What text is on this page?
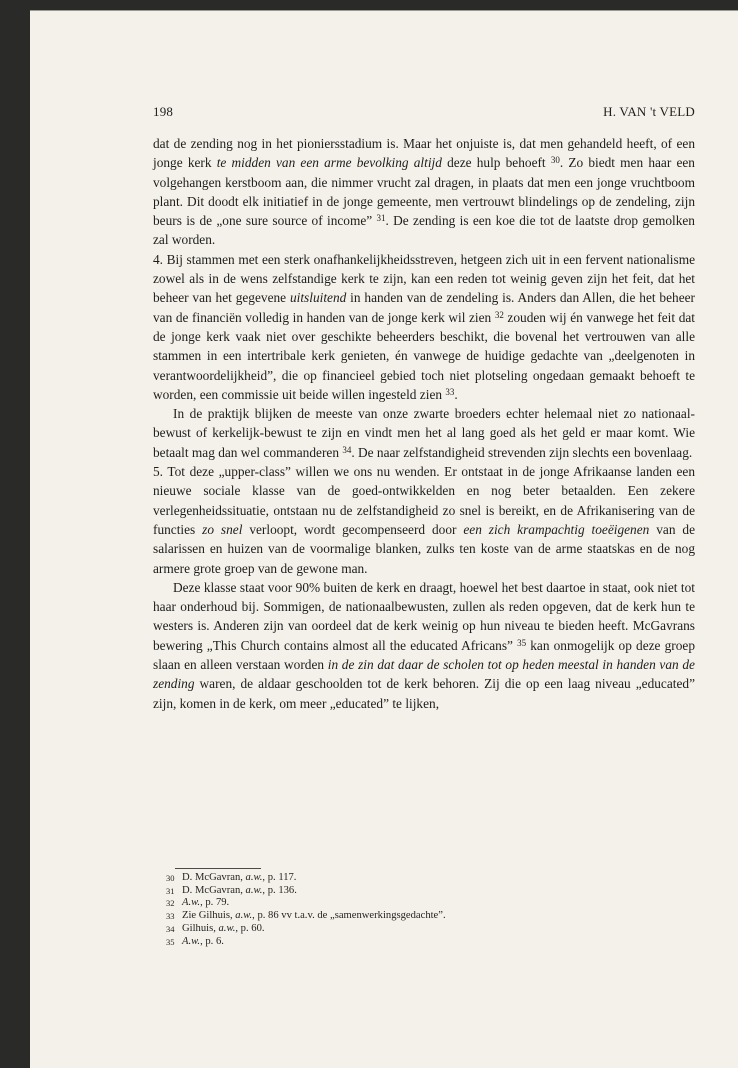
198	H. VAN 't VELD

dat de zending nog in het pioniersstadium is. Maar het onjuiste is, dat men gehandeld heeft, of een jonge kerk te midden van een arme bevolking altijd deze hulp behoeft $^{30}$. Zo biedt men haar een volgehangen kerstboom aan, die nimmer vrucht zal dragen, in plaats dat men een jonge vruchtboom plant. Dit doodt elk initiatief in de jonge gemeente, men vertrouwt blindelings op de zendeling, zijn beurs is de „one sure source of income” $^{31}$. De zending is een koe die tot de laatste drop gemolken zal worden.

4. Bij stammen met een sterk onafhankelijkheidsstreven, hetgeen zich uit in een fervent nationalisme zowel als in de wens zelfstandige kerk te zijn, kan een reden tot weinig geven zijn het feit, dat het beheer van het gegevene uitsluitend in handen van de zendeling is. Anders dan Allen, die het beheer van de financiën volledig in handen van de jonge kerk wil zien $^{32}$ zouden wij én vanwege het feit dat de jonge kerk vaak niet over geschikte beheerders beschikt, die bovenal het vertrouwen van alle stammen in een intertribale kerk genieten, én vanwege de huidige gedachte van „deelgenoten in verantwoordelijkheid”, die op financieel gebied toch niet plotseling ongedaan gemaakt behoeft te worden, een commissie uit beide willen ingesteld zien $^{33}$.

In de praktijk blijken de meeste van onze zwarte broeders echter helemaal niet zo nationaal-bewust of kerkelijk-bewust te zijn en vindt men het al lang goed als het geld er maar komt. Wie betaalt mag dan wel commanderen $^{34}$. De naar zelfstandigheid strevenden zijn slechts een bovenlaag.

5. Tot deze „upper-class” willen we ons nu wenden. Er ontstaat in de jonge Afrikaanse landen een nieuwe sociale klasse van de goed-ontwikkelden en nog beter betaalden. Een zekere verlegenheidssituatie, ontstaan nu de zelfstandigheid zo snel is bereikt, en de Afrikanisering van de functies zo snel verloopt, wordt gecompenseerd door een zich krampachtig toeëigenen van de salarissen en huizen van de voormalige blanken, zulks ten koste van de arme staatskas en de nog armere grote groep van de gewone man.

Deze klasse staat voor 90% buiten de kerk en draagt, hoewel het best daartoe in staat, ook niet tot haar onderhoud bij. Sommigen, de nationaalbewusten, zullen als reden opgeven, dat de kerk hun te westers is. Anderen zijn van oordeel dat de kerk weinig op hun niveau te bieden heeft. McGavrans bewering „This Church contains almost all the educated Africans” $^{35}$ kan onmogelijk op deze groep slaan en alleen verstaan worden in de zin dat daar de scholen tot op heden meestal in handen van de zending waren, de aldaar geschoolden tot de kerk behoren. Zij die op een laag niveau „educated” zijn, komen in de kerk, om meer „educated” te lijken,

30 D. McGavran, a.w., p. 117.
31 D. McGavran, a.w., p. 136.
32 A.w., p. 79.
33 Zie Gilhuis, a.w., p. 86 vv t.a.v. de „samenwerkingsgedachte”.
34 Gilhuis, a.w., p. 60.
35 A.w., p. 6.
